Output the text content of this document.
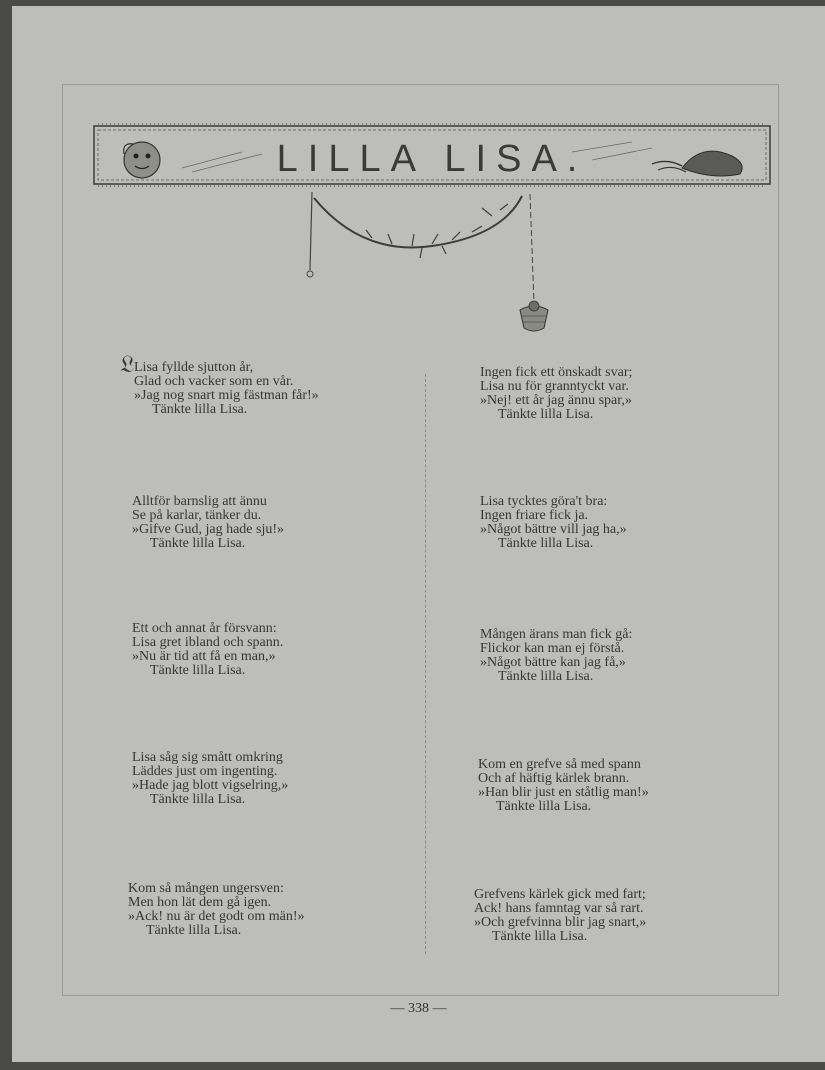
LILLA LISA.
𝔏 Lisa fyllde sjutton år,
Glad och vacker som en vår.
»Jag nog snart mig fästman får!»
Tänkte lilla Lisa.
Alltför barnslig att ännu
Se på karlar, tänker du.
»Gifve Gud, jag hade sju!»
Tänkte lilla Lisa.
Ett och annat år försvann:
Lisa gret ibland och spann.
»Nu är tid att få en man,»
Tänkte lilla Lisa.
Lisa såg sig smått omkring
Läddes just om ingenting.
»Hade jag blott vigselring,»
Tänkte lilla Lisa.
Kom så mången ungersven:
Men hon lät dem gå igen.
»Ack! nu är det godt om män!»
Tänkte lilla Lisa.
Ingen fick ett önskadt svar;
Lisa nu för granntyckt var.
»Nej! ett år jag ännu spar,»
Tänkte lilla Lisa.
Lisa tycktes göra't bra:
Ingen friare fick ja.
»Något bättre vill jag ha,»
Tänkte lilla Lisa.
Mången ärans man fick gå:
Flickor kan man ej förstå.
»Något bättre kan jag få,»
Tänkte lilla Lisa.
Kom en grefve så med spann
Och af häftig kärlek brann.
»Han blir just en ståtlig man!»
Tänkte lilla Lisa.
Grefvens kärlek gick med fart;
Ack! hans famntag var så rart.
»Och grefvinna blir jag snart,»
Tänkte lilla Lisa.
— 338 —
